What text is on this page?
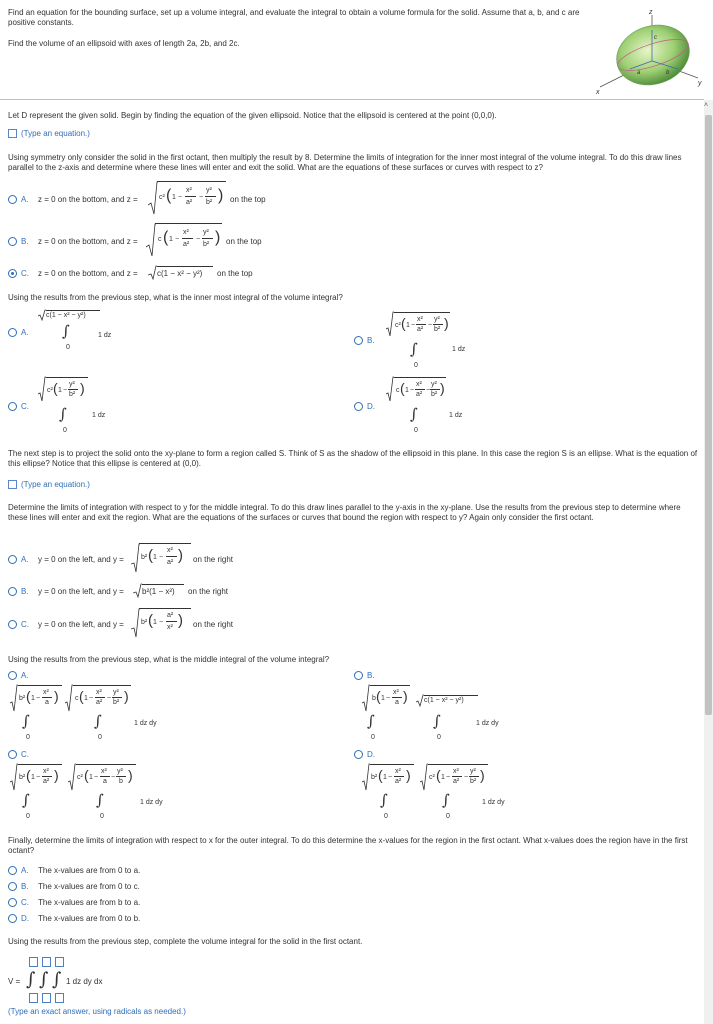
Find an equation for the bounding surface, set up a volume integral, and evaluate the integral to obtain a volume formula for the solid. Assume that a, b, and c are positive constants.
Find the volume of an ellipsoid with axes of length 2a, 2b, and 2c.
z
x
y
a	b
c
˄
Let D represent the given solid. Begin by finding the equation of the given ellipsoid. Notice that the ellipsoid is centered at the point (0,0,0).
(Type an equation.)
Using symmetry only consider the solid in the first octant, then multiply the result by 8. Determine the limits of integration for the inner most integral of the volume integral. To do this draw lines parallel to the z-axis and determine where these lines will enter and exit the solid. What are the equations of these surfaces or curves with respect to z?
A. z = 0 on the bottom, and z =	c² ( 1 −
x²
a²
−
y²
b² ) on the top
B. z = 0 on the bottom, and z =	c ( 1 −
x²
a²
−
y²
b² ) on the top
C. z = 0 on the bottom, and z = c(1 − x² − y²) on the top
Using the results from the previous step, what is the inner most integral of the volume integral?
A.
c(1 − x² − y²)
∫
0
1 dz
B.
c² ( 1 −
x²
a²
−
y²
b² )
∫
0
1 dz
C.
c² ( 1 −
y²
b² )
∫
0
1 dz
D.
c ( 1 −
x²
a²
−
y²
b² )
∫
0
1 dz
The next step is to project the solid onto the xy-plane to form a region called S. Think of S as the shadow of the ellipsoid in this plane. In this case the region S is an ellipse. What is the equation of this ellipse? Notice that this ellipse is centered at (0,0).
(Type an equation.)
Determine the limits of integration with respect to y for the middle integral. To do this draw lines parallel to the y-axis in the xy-plane. Use the results from the previous step to determine where these lines will enter and exit the region. What are the equations of the surfaces or curves that bound the region with respect to y? Again only consider the first octant.
A. y = 0 on the left, and y = b² ( 1 −
x²
a² ) on the right
B. y = 0 on the left, and y = b²(1 − x²) on the right
C. y = 0 on the left, and y = b² ( 1 −
a²
x² ) on the right
Using the results from the previous step, what is the middle integral of the volume integral?
A.
b² ( 1 −
x²
a ) c ( 1 −
x²
a²
−
y²
b² )
∫
0
∫
0
1 dz dy
B.
b ( 1 −
x²
a ) c(1 − x² − y²)
∫
0
∫
0
1 dz dy
C.
b² ( 1 −
x²
a² )	c² ( 1 −
x²
a
−
y²
b )
∫
0
∫
0
1 dz dy
D.
b² ( 1 −
x²
a² )	c² ( 1 −
x²
a²
−
y²
b² )
∫
0
∫
0
1 dz dy
Finally, determine the limits of integration with respect to x for the outer integral. To do this determine the x-values for the region in the first octant. What x-values does the region have in the first octant?
A. The x-values are from 0 to a.
B. The x-values are from 0 to c.
C. The x-values are from b to a.
D. The x-values are from 0 to b.
Using the results from the previous step, complete the volume integral for the solid in the first octant.
V = ∫ ∫ ∫ 1 dz dy dx
(Type an exact answer, using radicals as needed.)
